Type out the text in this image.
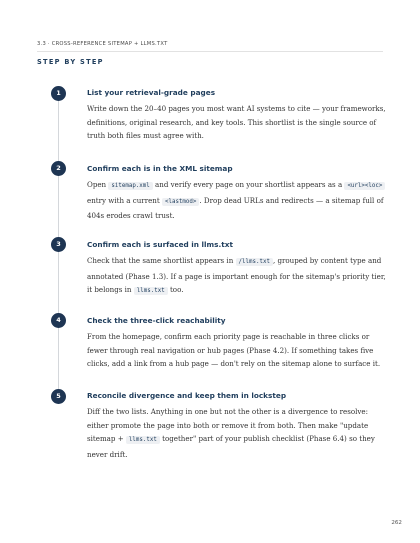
3.3 · CROSS-REFERENCE SITEMAP + LLMS.TXT
STEP BY STEP
1	List your retrieval-grade pages

Write down the 20–40 pages you most want AI systems to cite — your frameworks, definitions, original research, and key tools. This shortlist is the single source of truth both files must agree with.

2	Confirm each is in the XML sitemap

Open sitemap.xml and verify every page on your shortlist appears as a <url><loc> entry with a current <lastmod> . Drop dead URLs and redirects — a sitemap full of 404s erodes crawl trust.

3	Confirm each is surfaced in llms.txt

Check that the same shortlist appears in /llms.txt , grouped by content type and annotated (Phase 1.3). If a page is important enough for the sitemap's priority tier, it belongs in llms.txt too.

4	Check the three-click reachability

From the homepage, confirm each priority page is reachable in three clicks or fewer through real navigation or hub pages (Phase 4.2). If something takes five clicks, add a link from a hub page — don't rely on the sitemap alone to surface it.

5	Reconcile divergence and keep them in lockstep

Diff the two lists. Anything in one but not the other is a divergence to resolve: either promote the page into both or remove it from both. Then make "update sitemap + llms.txt together" part of your publish checklist (Phase 6.4) so they never drift.

262
